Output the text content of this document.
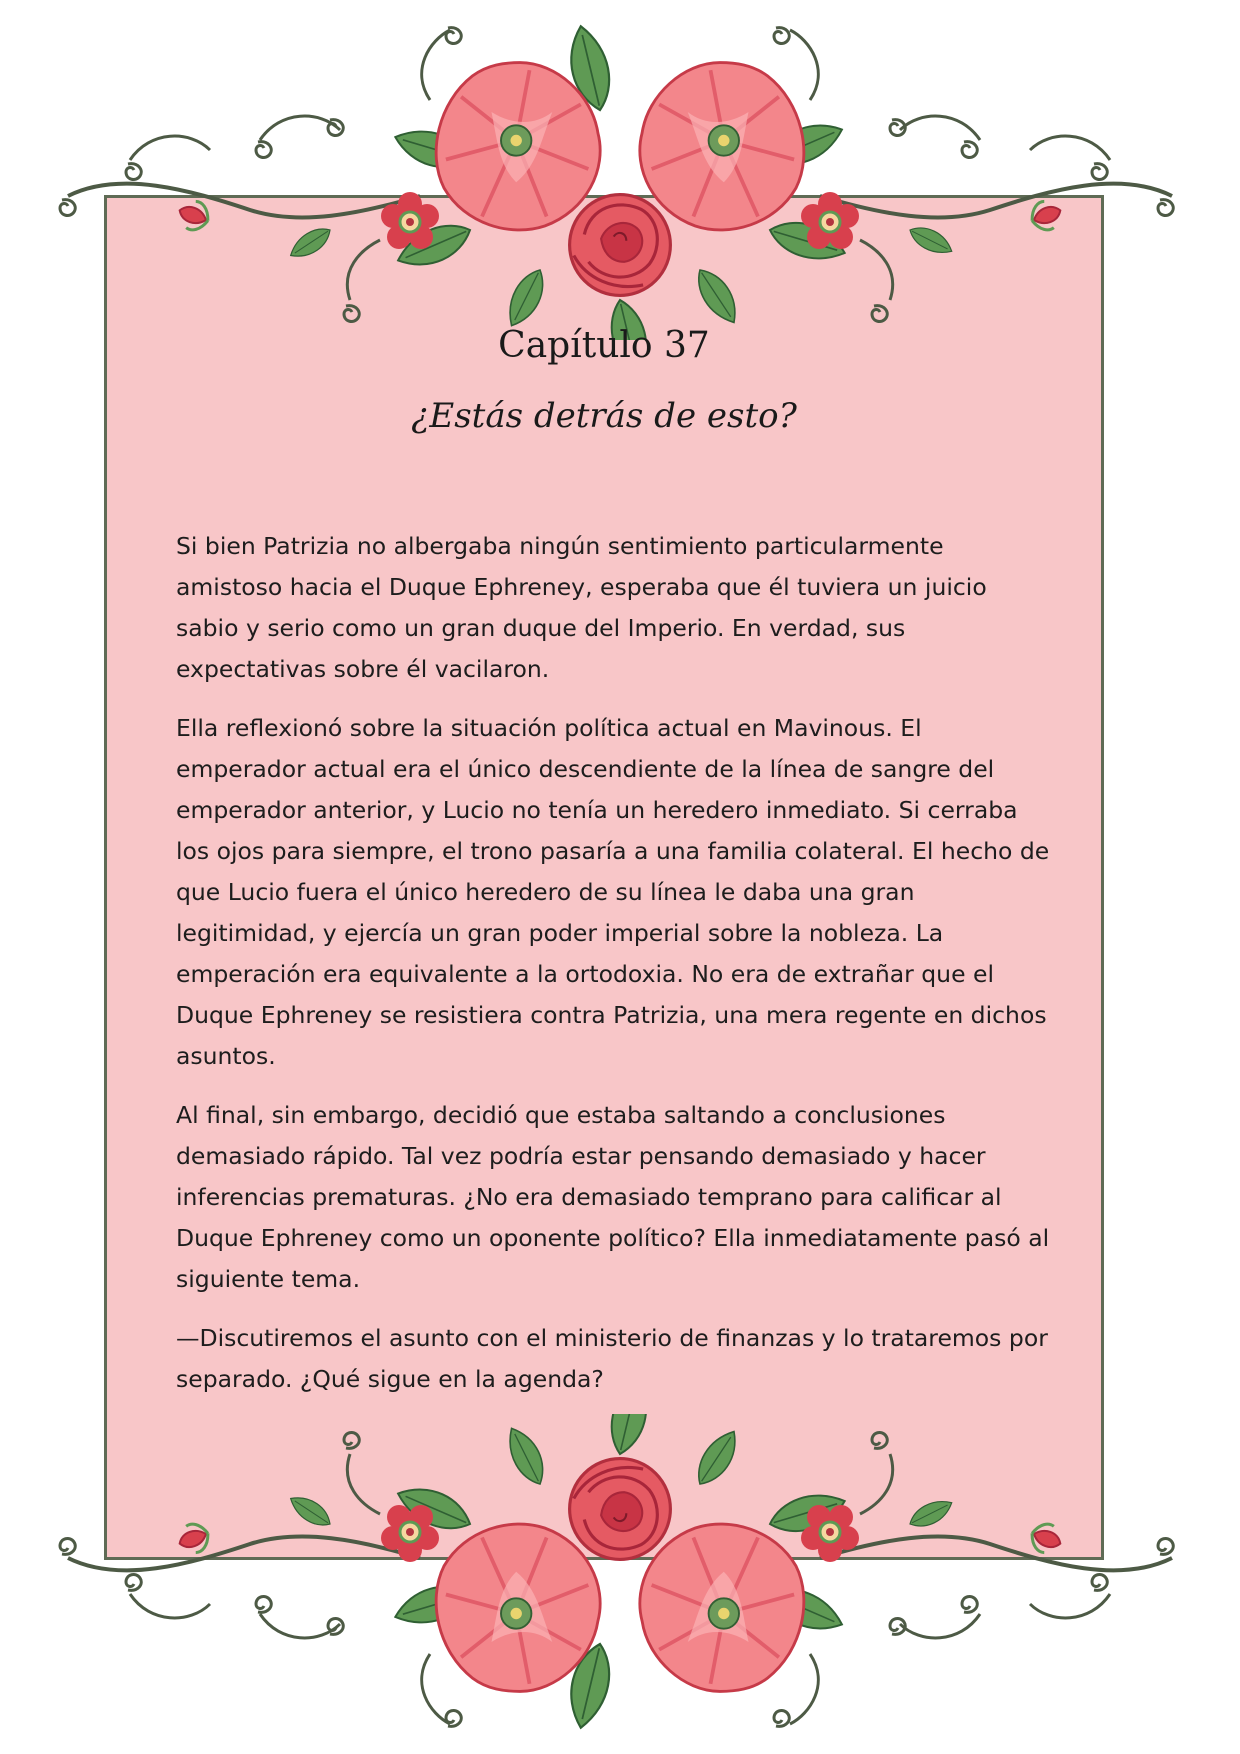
Capítulo 37
¿Estás detrás de esto?

Si bien Patrizia no albergaba ningún sentimiento particularmente amistoso hacia el Duque Ephreney, esperaba que él tuviera un juicio sabio y serio como un gran duque del Imperio. En verdad, sus expectativas sobre él vacilaron.

Ella reflexionó sobre la situación política actual en Mavinous. El emperador actual era el único descendiente de la línea de sangre del emperador anterior, y Lucio no tenía un heredero inmediato. Si cerraba los ojos para siempre, el trono pasaría a una familia colateral. El hecho de que Lucio fuera el único heredero de su línea le daba una gran legitimidad, y ejercía un gran poder imperial sobre la nobleza. La emperación era equivalente a la ortodoxia. No era de extrañar que el Duque Ephreney se resistiera contra Patrizia, una mera regente en dichos asuntos.

Al final, sin embargo, decidió que estaba saltando a conclusiones demasiado rápido. Tal vez podría estar pensando demasiado y hacer inferencias prematuras. ¿No era demasiado temprano para calificar al Duque Ephreney como un oponente político? Ella inmediatamente pasó al siguiente tema.

—Discutiremos el asunto con el ministerio de finanzas y lo trataremos por separado. ¿Qué sigue en la agenda?
